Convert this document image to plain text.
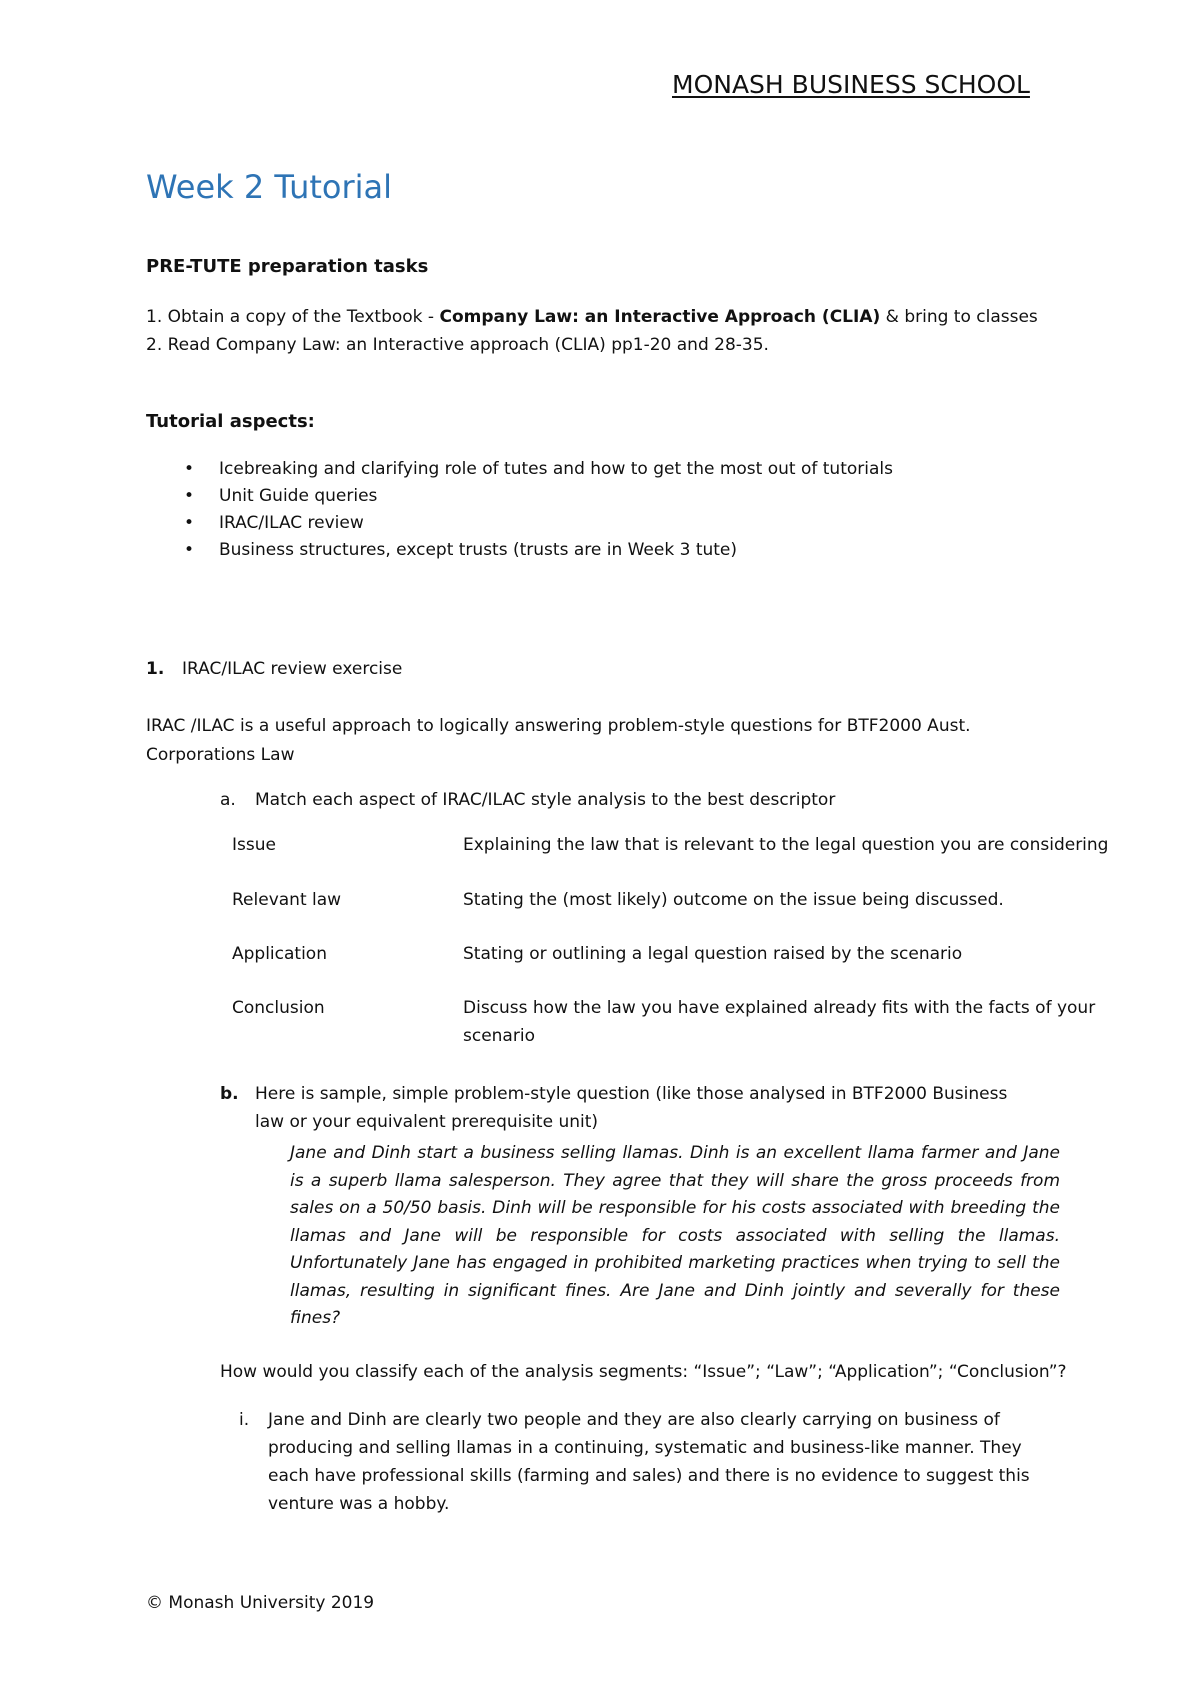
MONASH BUSINESS SCHOOL
Week 2 Tutorial
PRE-TUTE preparation tasks
1. Obtain a copy of the Textbook - Company Law: an Interactive Approach (CLIA) & bring to classes
2. Read Company Law: an Interactive approach (CLIA) pp1-20 and 28-35.
Tutorial aspects:
• Icebreaking and clarifying role of tutes and how to get the most out of tutorials
• Unit Guide queries
• IRAC/ILAC review
• Business structures, except trusts (trusts are in Week 3 tute)
1. IRAC/ILAC review exercise
IRAC /ILAC is a useful approach to logically answering problem-style questions for BTF2000 Aust.
Corporations Law
a. Match each aspect of IRAC/ILAC style analysis to the best descriptor
Issue	Explaining the law that is relevant to the legal question you are considering
Relevant law	Stating the (most likely) outcome on the issue being discussed.
Application	Stating or outlining a legal question raised by the scenario
Conclusion	Discuss how the law you have explained already fits with the facts of your
scenario
b. Here is sample, simple problem-style question (like those analysed in BTF2000 Business
law or your equivalent prerequisite unit)
Jane and Dinh start a business selling llamas. Dinh is an excellent llama farmer and Jane is a superb llama salesperson. They agree that they will share the gross proceeds from sales on a 50/50 basis. Dinh will be responsible for his costs associated with breeding the llamas and Jane will be responsible for costs associated with selling the llamas. Unfortunately Jane has engaged in prohibited marketing practices when trying to sell the llamas, resulting in significant fines. Are Jane and Dinh jointly and severally for these fines?
How would you classify each of the analysis segments: “Issue”; “Law”; “Application”; “Conclusion”?
i. Jane and Dinh are clearly two people and they are also clearly carrying on business of
producing and selling llamas in a continuing, systematic and business-like manner. They
each have professional skills (farming and sales) and there is no evidence to suggest this
venture was a hobby.
© Monash University 2019
